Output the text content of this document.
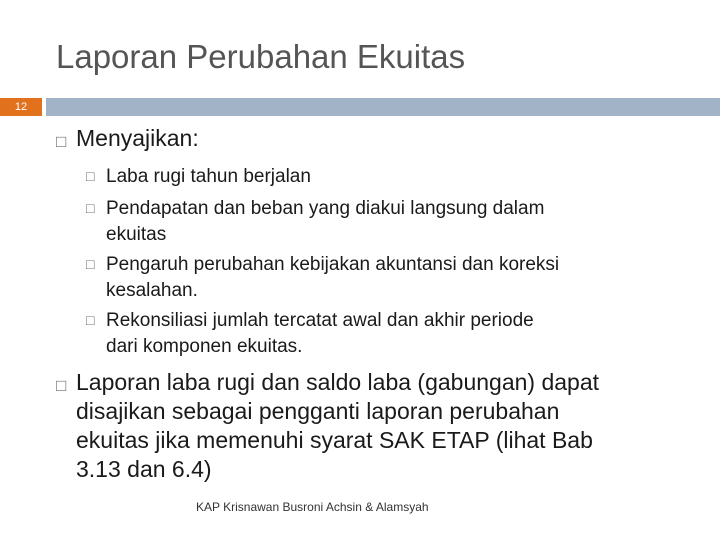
Laporan Perubahan Ekuitas
12
□ Menyajikan:
□ Laba rugi tahun berjalan
□ Pendapatan dan beban yang diakui langsung dalam
ekuitas
□ Pengaruh perubahan kebijakan akuntansi dan koreksi
kesalahan.
□ Rekonsiliasi jumlah tercatat awal dan akhir periode
dari komponen ekuitas.
□ Laporan laba rugi dan saldo laba (gabungan) dapat
disajikan sebagai pengganti laporan perubahan
ekuitas jika memenuhi syarat SAK ETAP (lihat Bab
3.13 dan 6.4)
KAP Krisnawan Busroni Achsin & Alamsyah
